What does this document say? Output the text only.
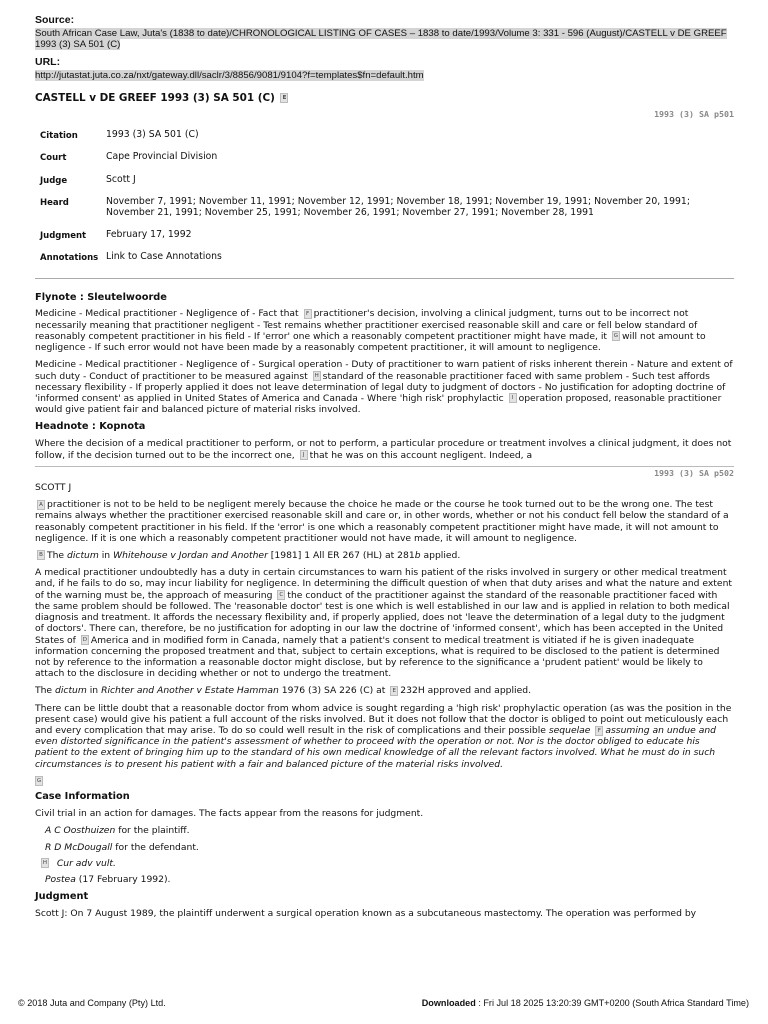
Source:
South African Case Law, Juta's (1838 to date)/CHRONOLOGICAL LISTING OF CASES – 1838 to date/1993/Volume 3: 331 - 596 (August)/CASTELL v DE GREEF 1993 (3) SA 501 (C)
URL:
http://jutastat.juta.co.za/nxt/gateway.dll/saclr/3/8856/9081/9104?f=templates$fn=default.htm
CASTELL v DE GREEF 1993 (3) SA 501 (C) E
1993 (3) SA p501
Citation	1993 (3) SA 501 (C)
Court	Cape Provincial Division
Judge	Scott J
Heard	November 7, 1991; November 11, 1991; November 12, 1991; November 18, 1991; November 19, 1991; November 20, 1991; November 21, 1991; November 25, 1991; November 26, 1991; November 27, 1991; November 28, 1991
Judgment	February 17, 1992
Annotations Link to Case Annotations
Flynote : Sleutelwoorde

Medicine - Medical practitioner - Negligence of - Fact that F practitioner's decision, involving a clinical judgment, turns out to be incorrect not necessarily meaning that practitioner negligent - Test remains whether practitioner exercised reasonable skill and care or fell below standard of reasonably competent practitioner in his field - If 'error' one which a reasonably competent practitioner might have made, it G will not amount to negligence - If such error would not have been made by a reasonably competent practitioner, it will amount to negligence.

Medicine - Medical practitioner - Negligence of - Surgical operation - Duty of practitioner to warn patient of risks inherent therein - Nature and extent of such duty - Conduct of practitioner to be measured against H standard of the reasonable practitioner faced with same problem - Such test affords necessary flexibility - If properly applied it does not leave determination of legal duty to judgment of doctors - No justification for adopting doctrine of 'informed consent' as applied in United States of America and Canada - Where 'high risk' prophylactic I operation proposed, reasonable practitioner would give patient fair and balanced picture of material risks involved.

Headnote : Kopnota

Where the decision of a medical practitioner to perform, or not to perform, a particular procedure or treatment involves a clinical judgment, it does not follow, if the decision turned out to be the incorrect one, J that he was on this account negligent. Indeed, a

1993 (3) SA p502

SCOTT J

A practitioner is not to be held to be negligent merely because the choice he made or the course he took turned out to be the wrong one. The test remains always whether the practitioner exercised reasonable skill and care or, in other words, whether or not his conduct fell below the standard of a reasonably competent practitioner in his field. If the 'error' is one which a reasonably competent practitioner might have made, it will not amount to negligence. If it is one which a reasonably competent practitioner would not have made, it will amount to negligence.

B The dictum in Whitehouse v Jordan and Another [1981] 1 All ER 267 (HL) at 281b applied.

A medical practitioner undoubtedly has a duty in certain circumstances to warn his patient of the risks involved in surgery or other medical treatment and, if he fails to do so, may incur liability for negligence. In determining the difficult question of when that duty arises and what the nature and extent of the warning must be, the approach of measuring C the conduct of the practitioner against the standard of the reasonable practitioner faced with the same problem should be followed. The 'reasonable doctor' test is one which is well established in our law and is applied in relation to both medical diagnosis and treatment. It affords the necessary flexibility and, if properly applied, does not 'leave the determination of a legal duty to the judgment of doctors'. There can, therefore, be no justification for adopting in our law the doctrine of 'informed consent', which has been accepted in the United States of D America and in modified form in Canada, namely that a patient's consent to medical treatment is vitiated if he is given inadequate information concerning the proposed treatment and that, subject to certain exceptions, what is required to be disclosed to the patient is determined not by reference to the information a reasonable doctor might disclose, but by reference to the significance a 'prudent patient' would be likely to attach to the disclosure in deciding whether or not to undergo the treatment.

The dictum in Richter and Another v Estate Hamman 1976 (3) SA 226 (C) at E 232H approved and applied.

There can be little doubt that a reasonable doctor from whom advice is sought regarding a 'high risk' prophylactic operation (as was the position in the present case) would give his patient a full account of the risks involved. But it does not follow that the doctor is obliged to point out meticulously each and every complication that may arise. To do so could well result in the risk of complications and their possible sequelae F assuming an undue and even distorted significance in the patient's assessment of whether to proceed with the operation or not. Nor is the doctor obliged to educate his patient to the extent of bringing him up to the standard of his own medical knowledge of all the relevant factors involved. What he must do in such circumstances is to present his patient with a fair and balanced picture of the material risks involved.

G
Case Information

Civil trial in an action for damages. The facts appear from the reasons for judgment.

A C Oosthuizen for the plaintiff.
R D McDougall for the defendant.
H Cur adv vult.
Postea (17 February 1992).
Judgment

Scott J: On 7 August 1989, the plaintiff underwent a surgical operation known as a subcutaneous mastectomy. The operation was performed by

© 2018 Juta and Company (Pty) Ltd.	Downloaded : Fri Jul 18 2025 13:20:39 GMT+0200 (South Africa Standard Time)
